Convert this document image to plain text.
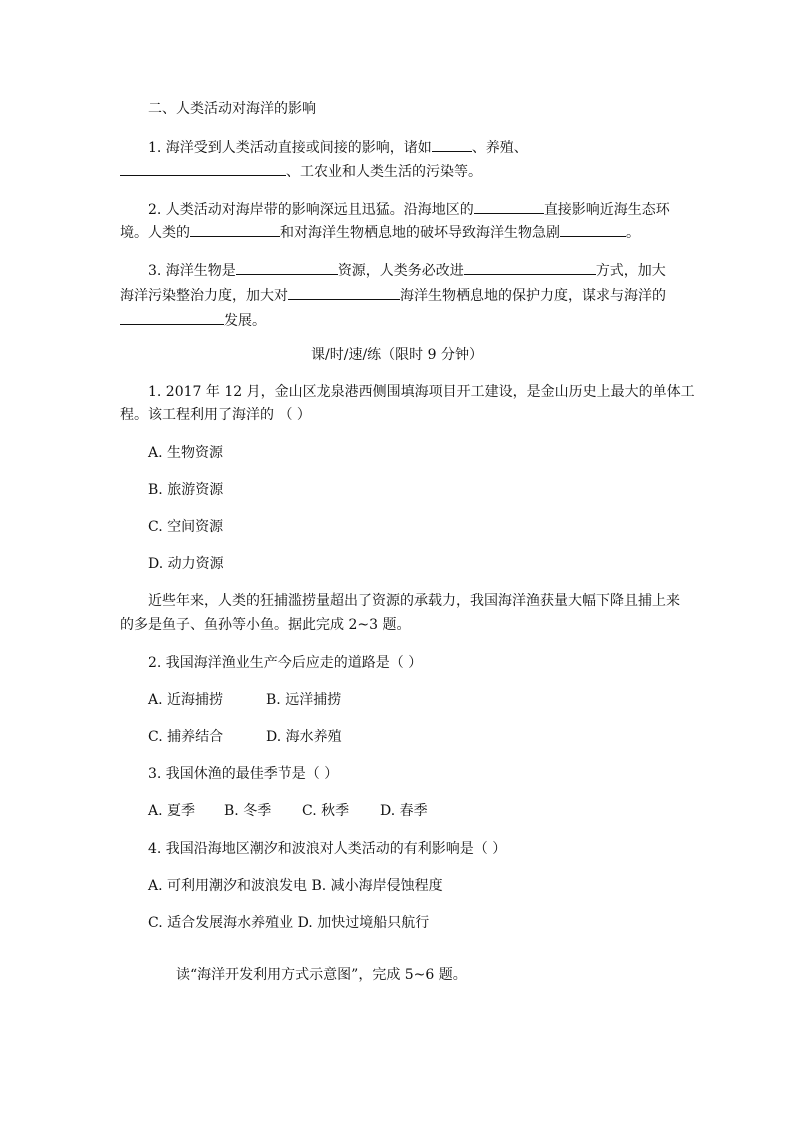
二、人类活动对海洋的影响
1. 海洋受到人类活动直接或间接的影响，诸如	、养殖、
、工农业和人类生活的污染等。
2. 人类活动对海岸带的影响深远且迅猛。沿海地区的	直接影响近海生态环
境。人类的	和对海洋生物栖息地的破坏导致海洋生物急剧	。
3. 海洋生物是	资源，人类务必改进	方式，加大
海洋污染整治力度，加大对	海洋生物栖息地的保护力度，谋求与海洋的
发展。
课/时/速/练（限时 9 分钟）
1. 2017 年 12 月，金山区龙泉港西侧围填海项目开工建设，是金山历史上最大的单体工
程。该工程利用了海洋的 （ ）
A. 生物资源
B. 旅游资源
C. 空间资源
D. 动力资源
近些年来，人类的狂捕滥捞量超出了资源的承载力，我国海洋渔获量大幅下降且捕上来
的多是鱼子、鱼孙等小鱼。据此完成 2~3 题。
2. 我国海洋渔业生产今后应走的道路是（ ）
A. 近海捕捞	B. 远洋捕捞
C. 捕养结合	D. 海水养殖
3. 我国休渔的最佳季节是（ ）
A. 夏季 B. 冬季 C. 秋季 D. 春季
4. 我国沿海地区潮汐和波浪对人类活动的有利影响是（ ）
A. 可利用潮汐和波浪发电 B. 减小海岸侵蚀程度
C. 适合发展海水养殖业 D. 加快过境船只航行
读“海洋开发利用方式示意图”，完成 5~6 题。
